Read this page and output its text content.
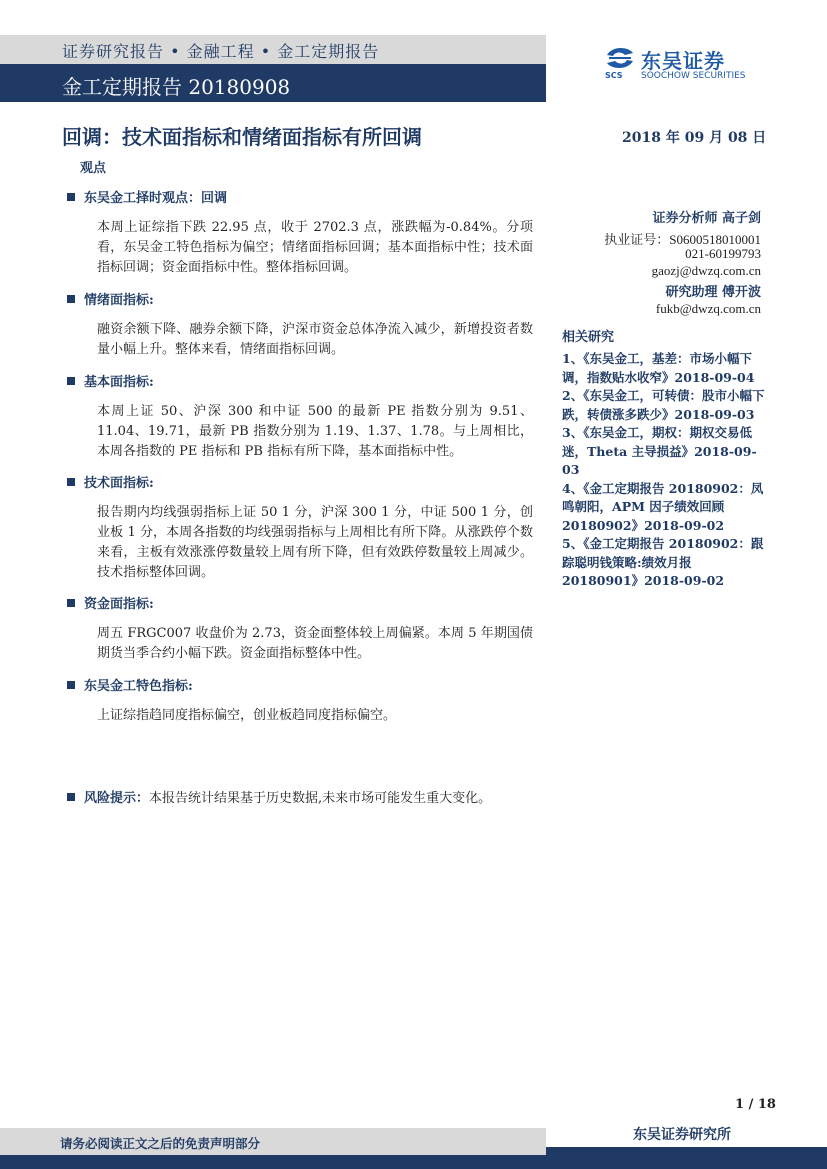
证券研究报告 • 金融工程 • 金工定期报告
金工定期报告 20180908	SCS
东吴证券
SOOCHOW SECURITIES
回调：技术面指标和情绪面指标有所回调	2018 年 09 月 08 日
观点
东吴金工择时观点：回调
本周上证综指下跌 22.95 点，收于 2702.3 点，涨跌幅为-0.84%。分项看，东吴金工特色指标为偏空；情绪面指标回调；基本面指标中性；技术面指标回调；资金面指标中性。整体指标回调。
情绪面指标:
融资余额下降、融券余额下降，沪深市资金总体净流入减少，新增投资者数量小幅上升。整体来看，情绪面指标回调。
基本面指标:
本周上证 50、沪深 300 和中证 500 的最新 PE 指数分别为 9.51、11.04、19.71，最新 PB 指数分别为 1.19、1.37、1.78。与上周相比，本周各指数的 PE 指标和 PB 指标有所下降，基本面指标中性。
技术面指标:
报告期内均线强弱指标上证 50 1 分，沪深 300 1 分，中证 500 1 分，创业板 1 分，本周各指数的均线强弱指标与上周相比有所下降。从涨跌停个数来看，主板有效涨涨停数量较上周有所下降，但有效跌停数量较上周减少。技术指标整体回调。
资金面指标:
周五 FRGC007 收盘价为 2.73，资金面整体较上周偏紧。本周 5 年期国债期货当季合约小幅下跌。资金面指标整体中性。
东吴金工特色指标:
上证综指趋同度指标偏空，创业板趋同度指标偏空。
风险提示：本报告统计结果基于历史数据,未来市场可能发生重大变化。
证券分析师 高子剑
执业证号：S0600518010001
021-60199793
gaozj@dwzq.com.cn
研究助理 傅开波
fukb@dwzq.com.cn
相关研究

1、《东吴金工，基差：市场小幅下调，指数贴水收窄》2018-09-04

2、《东吴金工，可转债：股市小幅下跌，转债涨多跌少》2018-09-03

3、《东吴金工，期权：期权交易低迷，Theta 主导损益》2018-09-03

4、《金工定期报告 20180902：凤鸣朝阳，APM 因子绩效回顾 20180902》2018-09-02

5、《金工定期报告 20180902：跟踪聪明钱策略:绩效月报 20180901》2018-09-02

1 / 18
东吴证券研究所
请务必阅读正文之后的免责声明部分
